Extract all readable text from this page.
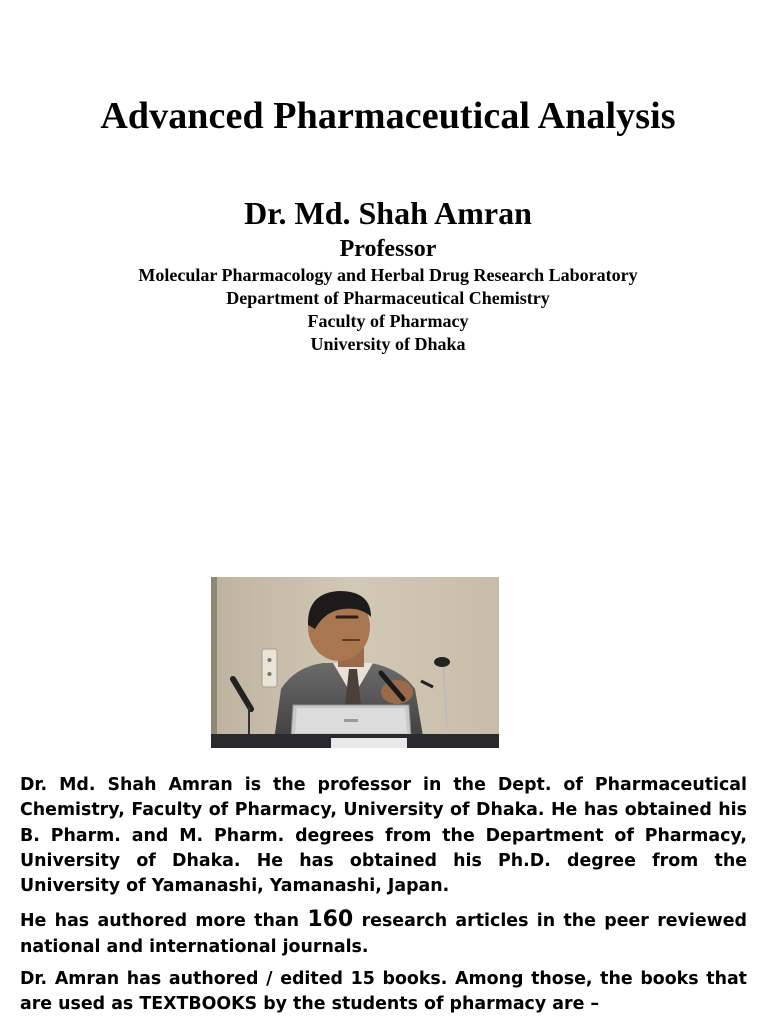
Advanced Pharmaceutical Analysis

Dr. Md. Shah Amran

Professor

Molecular Pharmacology and Herbal Drug Research Laboratory

Department of Pharmaceutical Chemistry

Faculty of Pharmacy

University of Dhaka

Dr. Md. Shah Amran is the professor in the Dept. of Pharmaceutical Chemistry, Faculty of Pharmacy, University of Dhaka. He has obtained his B. Pharm. and M. Pharm. degrees from the Department of Pharmacy, University of Dhaka. He has obtained his Ph.D. degree from the University of Yamanashi, Yamanashi, Japan.

He has authored more than 160 research articles in the peer reviewed national and international journals.

Dr. Amran has authored / edited 15 books. Among those, the books that are used as TEXTBOOKS by the students of pharmacy are –
